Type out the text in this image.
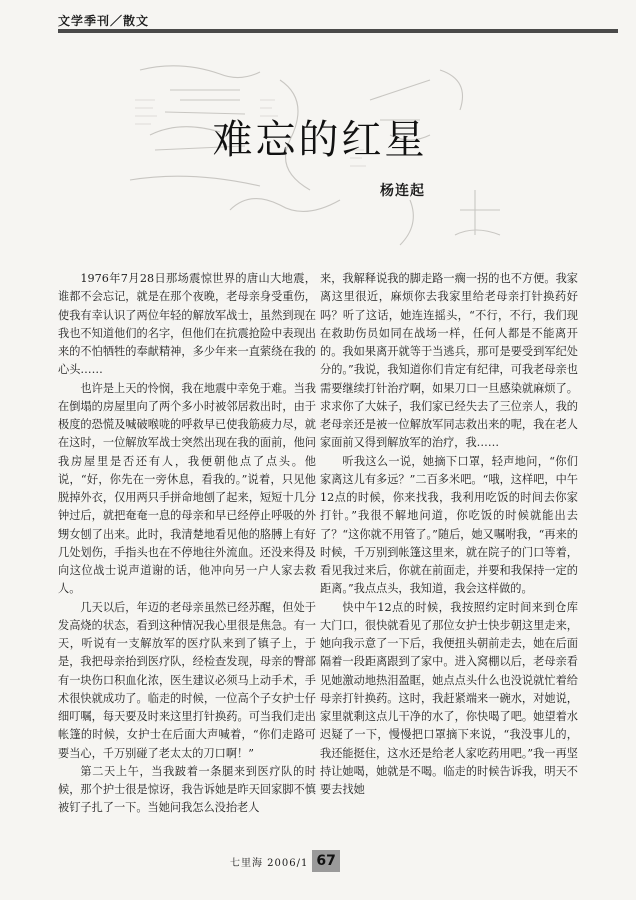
文学季刊／散文
难忘的红星
杨连起

1976年7月28日那场震惊世界的唐山大地震，谁都不会忘记，就是在那个夜晚，老母亲身受重伤，使我有幸认识了两位年轻的解放军战士，虽然到现在我也不知道他们的名字，但他们在抗震抢险中表现出来的不怕牺牲的奉献精神，多少年来一直萦绕在我的心头……

也许是上天的怜悯，我在地震中幸免于难。当我在倒塌的房屋里向了两个多小时被邻居救出时，由于极度的恐慌及喊破喉咙的呼救早已使我筋疲力尽，就在这时，一位解放军战士突然出现在我的面前，他问我房屋里是否还有人，我便朝他点了点头。他说，“好，你先在一旁休息，看我的。”说着，只见他脱掉外衣，仅用两只手拼命地刨了起来，短短十几分钟过后，就把奄奄一息的母亲和早已经停止呼吸的外甥女刨了出来。此时，我清楚地看见他的胳膊上有好几处划伤，手指头也在不停地往外流血。还没来得及向这位战士说声道谢的话，他冲向另一户人家去救人。

几天以后，年迈的老母亲虽然已经苏醒，但处于发高烧的状态，看到这种情况我心里很是焦急。有一天，听说有一支解放军的医疗队来到了镇子上，于是，我把母亲抬到医疗队，经检查发现，母亲的臀部有一块伤口积血化浓，医生建议必须马上动手术，手术很快就成功了。临走的时候，一位高个子女护士仔细叮嘱，每天要及时来这里打针换药。可当我们走出帐篷的时候，女护士在后面大声喊着，“你们走路可要当心，千万别碰了老太太的刀口啊！”

第二天上午，当我跛着一条腿来到医疗队的时候，那个护士很是惊讶，我告诉她是昨天回家脚不慎被钉子扎了一下。当她问我怎么没抬老人

来，我解释说我的脚走路一瘸一拐的也不方便。我家离这里很近，麻烦你去我家里给老母亲打针换药好吗？听了这话，她连连摇头，“不行，不行，我们现在救助伤员如同在战场一样，任何人都是不能离开的。我如果离开就等于当逃兵，那可是要受到军纪处分的。”我说，我知道你们肯定有纪律，可我老母亲也需要继续打针治疗啊，如果刀口一旦感染就麻烦了。求求你了大妹子，我们家已经失去了三位亲人，我的老母亲还是被一位解放军同志救出来的呢，我在老人家面前又得到解放军的治疗，我……

听我这么一说，她摘下口罩，轻声地问，“你们家离这儿有多远？”二百多米吧。“哦，这样吧，中午12点的时候，你来找我，我利用吃饭的时间去你家打针。”我很不解地问道，你吃饭的时候就能出去了？“这你就不用管了。”随后，她又嘱咐我，“再来的时候，千万别到帐篷这里来，就在院子的门口等着，看见我过来后，你就在前面走，并要和我保持一定的距离。”我点点头，我知道，我会这样做的。

快中午12点的时候，我按照约定时间来到仓库大门口，很快就看见了那位女护士快步朝这里走来，她向我示意了一下后，我便扭头朝前走去，她在后面隔着一段距离跟到了家中。进入窝棚以后，老母亲看见她激动地热泪盈眶，她点点头什么也没说就忙着给母亲打针换药。这时，我赶紧端来一碗水，对她说，家里就剩这点儿干净的水了，你快喝了吧。她望着水迟疑了一下，慢慢把口罩摘下来说，“我没事儿的，我还能挺住，这水还是给老人家吃药用吧。”我一再坚持让她喝，她就是不喝。临走的时候告诉我，明天不要去找她

七里海 2006/1 67
